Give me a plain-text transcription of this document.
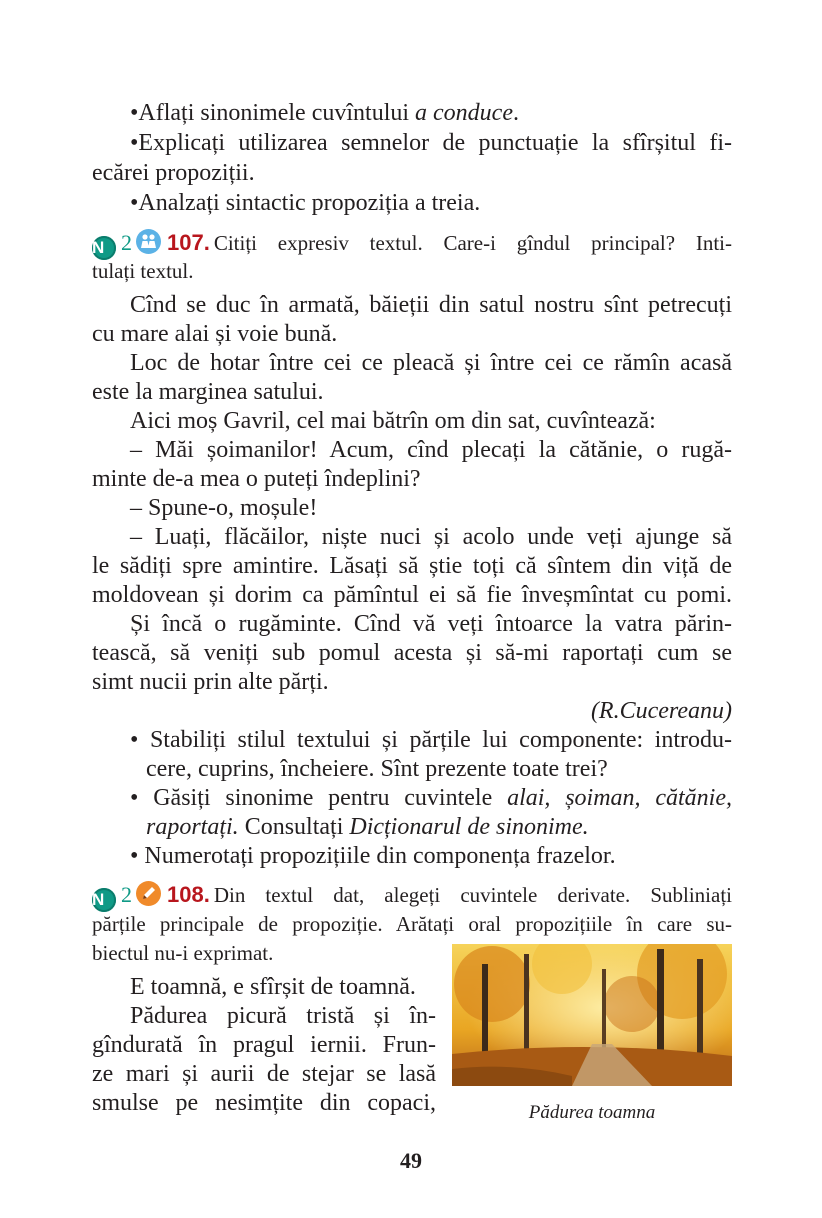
•Aflați sinonimele cuvîntului a conduce.
•Explicați utilizarea semnelor de punctuație la sfîrșitul fi-
ecărei propoziții.
•Analzați sintactic propoziția a treia.
N 2 107. Citiți expresiv textul. Care-i gîndul principal? Inti-
tulați textul.
Cînd se duc în armată, băieții din satul nostru sînt petrecuți
cu mare alai și voie bună.
Loc de hotar între cei ce pleacă și între cei ce rămîn acasă
este la marginea satului.
Aici moș Gavril, cel mai bătrîn om din sat, cuvîntează:
– Măi șoimanilor! Acum, cînd plecați la cătănie, o rugă-
minte de-a mea o puteți îndeplini?
– Spune-o, moșule!
– Luați, flăcăilor, niște nuci și acolo unde veți ajunge să
le sădiți spre amintire. Lăsați să știe toți că sîntem din viță de
moldovean și dorim ca pămîntul ei să fie înveșmîntat cu pomi.
Și încă o rugăminte. Cînd vă veți întoarce la vatra părin-
tească, să veniți sub pomul acesta și să-mi raportați cum se
simt nucii prin alte părți.
(R.Cucereanu)
• Stabiliți stilul textului și părțile lui componente: introdu-
cere, cuprins, încheiere. Sînt prezente toate trei?
• Găsiți sinonime pentru cuvintele alai, șoiman, cătănie,
raportați. Consultați Dicționarul de sinonime.
• Numerotați propozițiile din componența frazelor.
N 2 108. Din textul dat, alegeți cuvintele derivate. Subliniați
părțile principale de propoziție. Arătați oral propozițiile în care su-
biectul nu-i exprimat.
E toamnă, e sfîrșit de toamnă.
Pădurea picură tristă și în-
gîndurată în pragul iernii. Frun-
ze mari și aurii de stejar se lasă
smulse pe nesimțite din copaci,	Pădurea toamna
49
